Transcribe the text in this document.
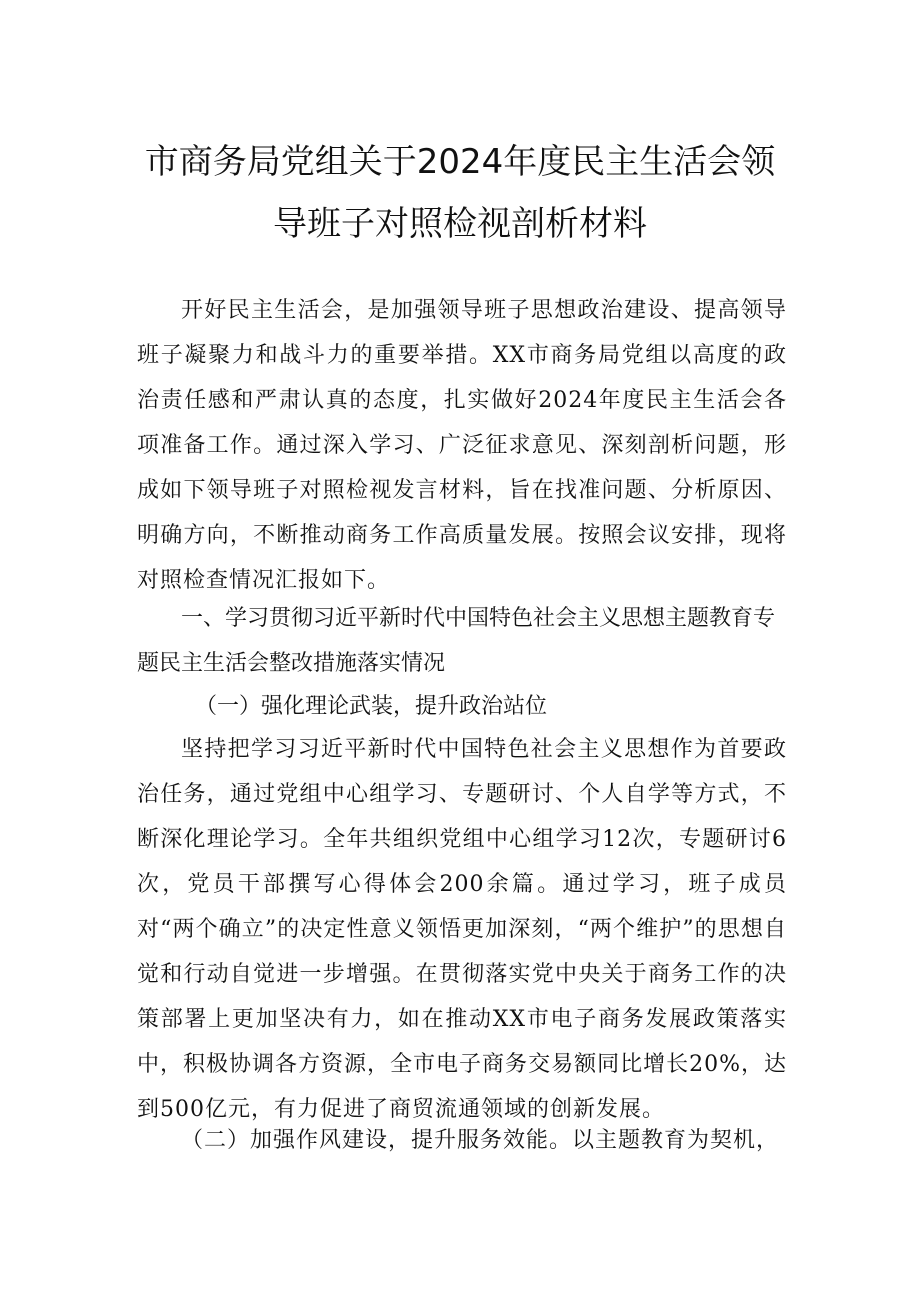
市商务局党组关于2024年度民主生活会领
导班子对照检视剖析材料

开好民主生活会，是加强领导班子思想政治建设、提高领导班子凝聚力和战斗力的重要举措。XX市商务局党组以高度的政治责任感和严肃认真的态度，扎实做好2024年度民主生活会各项准备工作。通过深入学习、广泛征求意见、深刻剖析问题，形成如下领导班子对照检视发言材料，旨在找准问题、分析原因、明确方向，不断推动商务工作高质量发展。按照会议安排，现将对照检查情况汇报如下。

一、学习贯彻习近平新时代中国特色社会主义思想主题教育专题民主生活会整改措施落实情况

（一）强化理论武装，提升政治站位

坚持把学习习近平新时代中国特色社会主义思想作为首要政治任务，通过党组中心组学习、专题研讨、个人自学等方式，不断深化理论学习。全年共组织党组中心组学习12次，专题研讨6次，党员干部撰写心得体会200余篇。通过学习，班子成员对“两个确立”的决定性意义领悟更加深刻，“两个维护”的思想自觉和行动自觉进一步增强。在贯彻落实党中央关于商务工作的决策部署上更加坚决有力，如在推动XX市电子商务发展政策落实中，积极协调各方资源，全市电子商务交易额同比增长20%，达到500亿元，有力促进了商贸流通领域的创新发展。

（二）加强作风建设，提升服务效能。以主题教育为契机，
